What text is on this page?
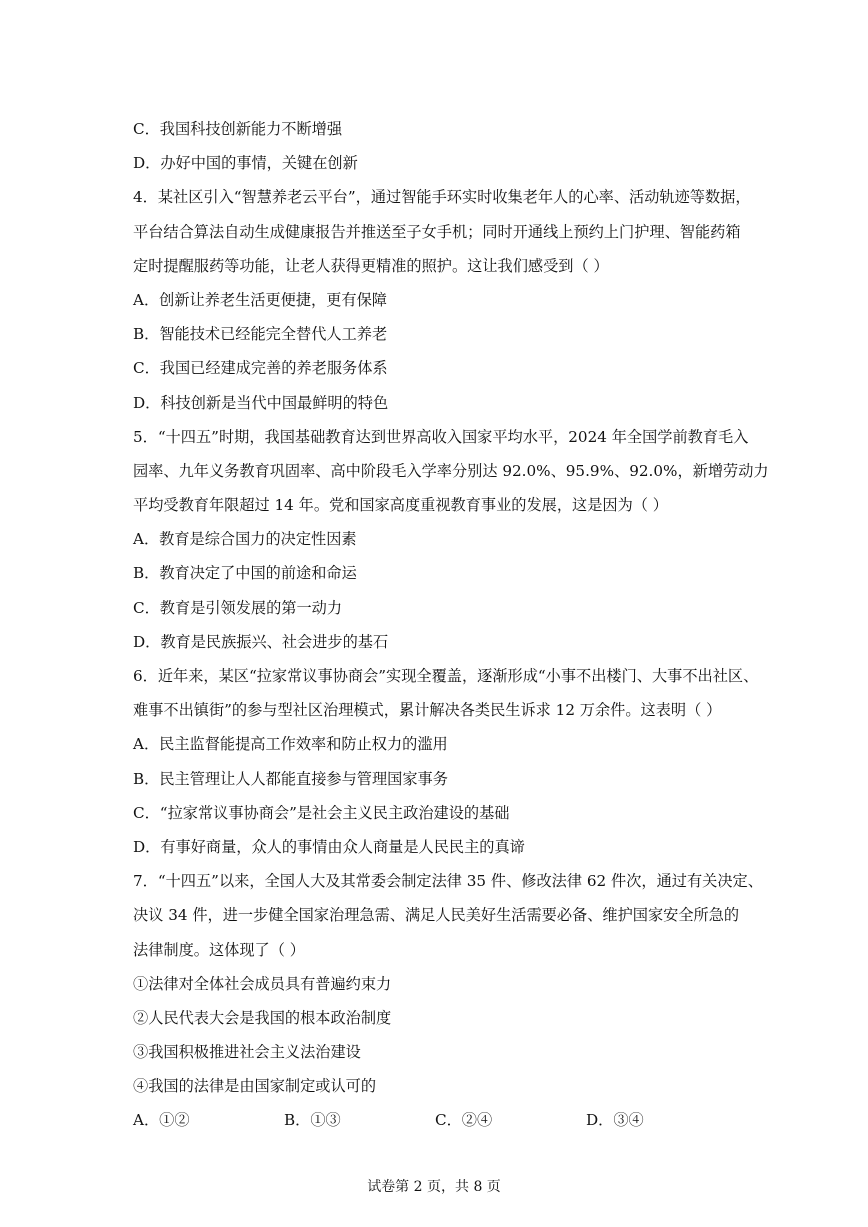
C．我国科技创新能力不断增强
D．办好中国的事情，关键在创新
4．某社区引入“智慧养老云平台”，通过智能手环实时收集老年人的心率、活动轨迹等数据，
平台结合算法自动生成健康报告并推送至子女手机；同时开通线上预约上门护理、智能药箱
定时提醒服药等功能，让老人获得更精准的照护。这让我们感受到（ ）
A．创新让养老生活更便捷，更有保障
B．智能技术已经能完全替代人工养老
C．我国已经建成完善的养老服务体系
D．科技创新是当代中国最鲜明的特色
5．“十四五”时期，我国基础教育达到世界高收入国家平均水平，2024 年全国学前教育毛入
园率、九年义务教育巩固率、高中阶段毛入学率分别达 92.0%、95.9%、92.0%，新增劳动力
平均受教育年限超过 14 年。党和国家高度重视教育事业的发展，这是因为（ ）
A．教育是综合国力的决定性因素
B．教育决定了中国的前途和命运
C．教育是引领发展的第一动力
D．教育是民族振兴、社会进步的基石
6．近年来，某区“拉家常议事协商会”实现全覆盖，逐渐形成“小事不出楼门、大事不出社区、
难事不出镇街”的参与型社区治理模式，累计解决各类民生诉求 12 万余件。这表明（ ）
A．民主监督能提高工作效率和防止权力的滥用
B．民主管理让人人都能直接参与管理国家事务
C．“拉家常议事协商会”是社会主义民主政治建设的基础
D．有事好商量，众人的事情由众人商量是人民民主的真谛
7．“十四五”以来，全国人大及其常委会制定法律 35 件、修改法律 62 件次，通过有关决定、
决议 34 件，进一步健全国家治理急需、满足人民美好生活需要必备、维护国家安全所急的
法律制度。这体现了（ ）
①法律对全体社会成员具有普遍约束力
②人民代表大会是我国的根本政治制度
③我国积极推进社会主义法治建设
④我国的法律是由国家制定或认可的
A．①②	B．①③	C．②④	D．③④
试卷第 2 页，共 8 页
